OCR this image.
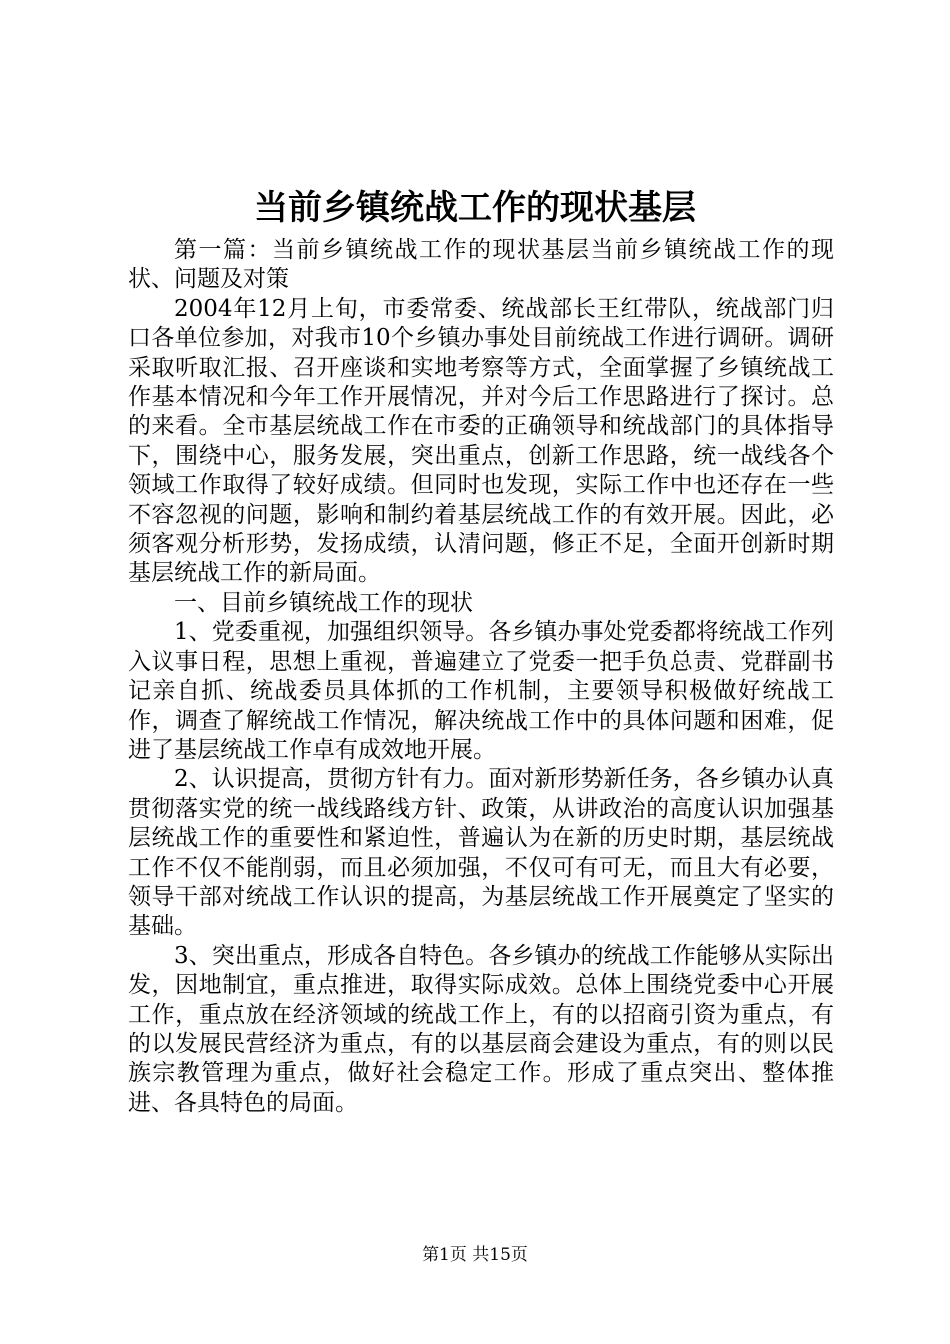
当前乡镇统战工作的现状基层

第一篇：当前乡镇统战工作的现状基层当前乡镇统战工作的现状、问题及对策

2004年12月上旬，市委常委、统战部长王红带队，统战部门归口各单位参加，对我市10个乡镇办事处目前统战工作进行调研。调研采取听取汇报、召开座谈和实地考察等方式，全面掌握了乡镇统战工作基本情况和今年工作开展情况，并对今后工作思路进行了探讨。总的来看。全市基层统战工作在市委的正确领导和统战部门的具体指导下，围绕中心，服务发展，突出重点，创新工作思路，统一战线各个领域工作取得了较好成绩。但同时也发现，实际工作中也还存在一些不容忽视的问题，影响和制约着基层统战工作的有效开展。因此，必须客观分析形势，发扬成绩，认清问题，修正不足，全面开创新时期基层统战工作的新局面。

一、目前乡镇统战工作的现状

1、党委重视，加强组织领导。各乡镇办事处党委都将统战工作列入议事日程，思想上重视，普遍建立了党委一把手负总责、党群副书记亲自抓、统战委员具体抓的工作机制，主要领导积极做好统战工作，调查了解统战工作情况，解决统战工作中的具体问题和困难，促进了基层统战工作卓有成效地开展。

2、认识提高，贯彻方针有力。面对新形势新任务，各乡镇办认真贯彻落实党的统一战线路线方针、政策，从讲政治的高度认识加强基层统战工作的重要性和紧迫性，普遍认为在新的历史时期，基层统战工作不仅不能削弱，而且必须加强，不仅可有可无，而且大有必要，领导干部对统战工作认识的提高，为基层统战工作开展奠定了坚实的基础。

3、突出重点，形成各自特色。各乡镇办的统战工作能够从实际出发，因地制宜，重点推进，取得实际成效。总体上围绕党委中心开展工作，重点放在经济领域的统战工作上，有的以招商引资为重点，有的以发展民营经济为重点，有的以基层商会建设为重点，有的则以民族宗教管理为重点，做好社会稳定工作。形成了重点突出、整体推进、各具特色的局面。

第1页 共15页
